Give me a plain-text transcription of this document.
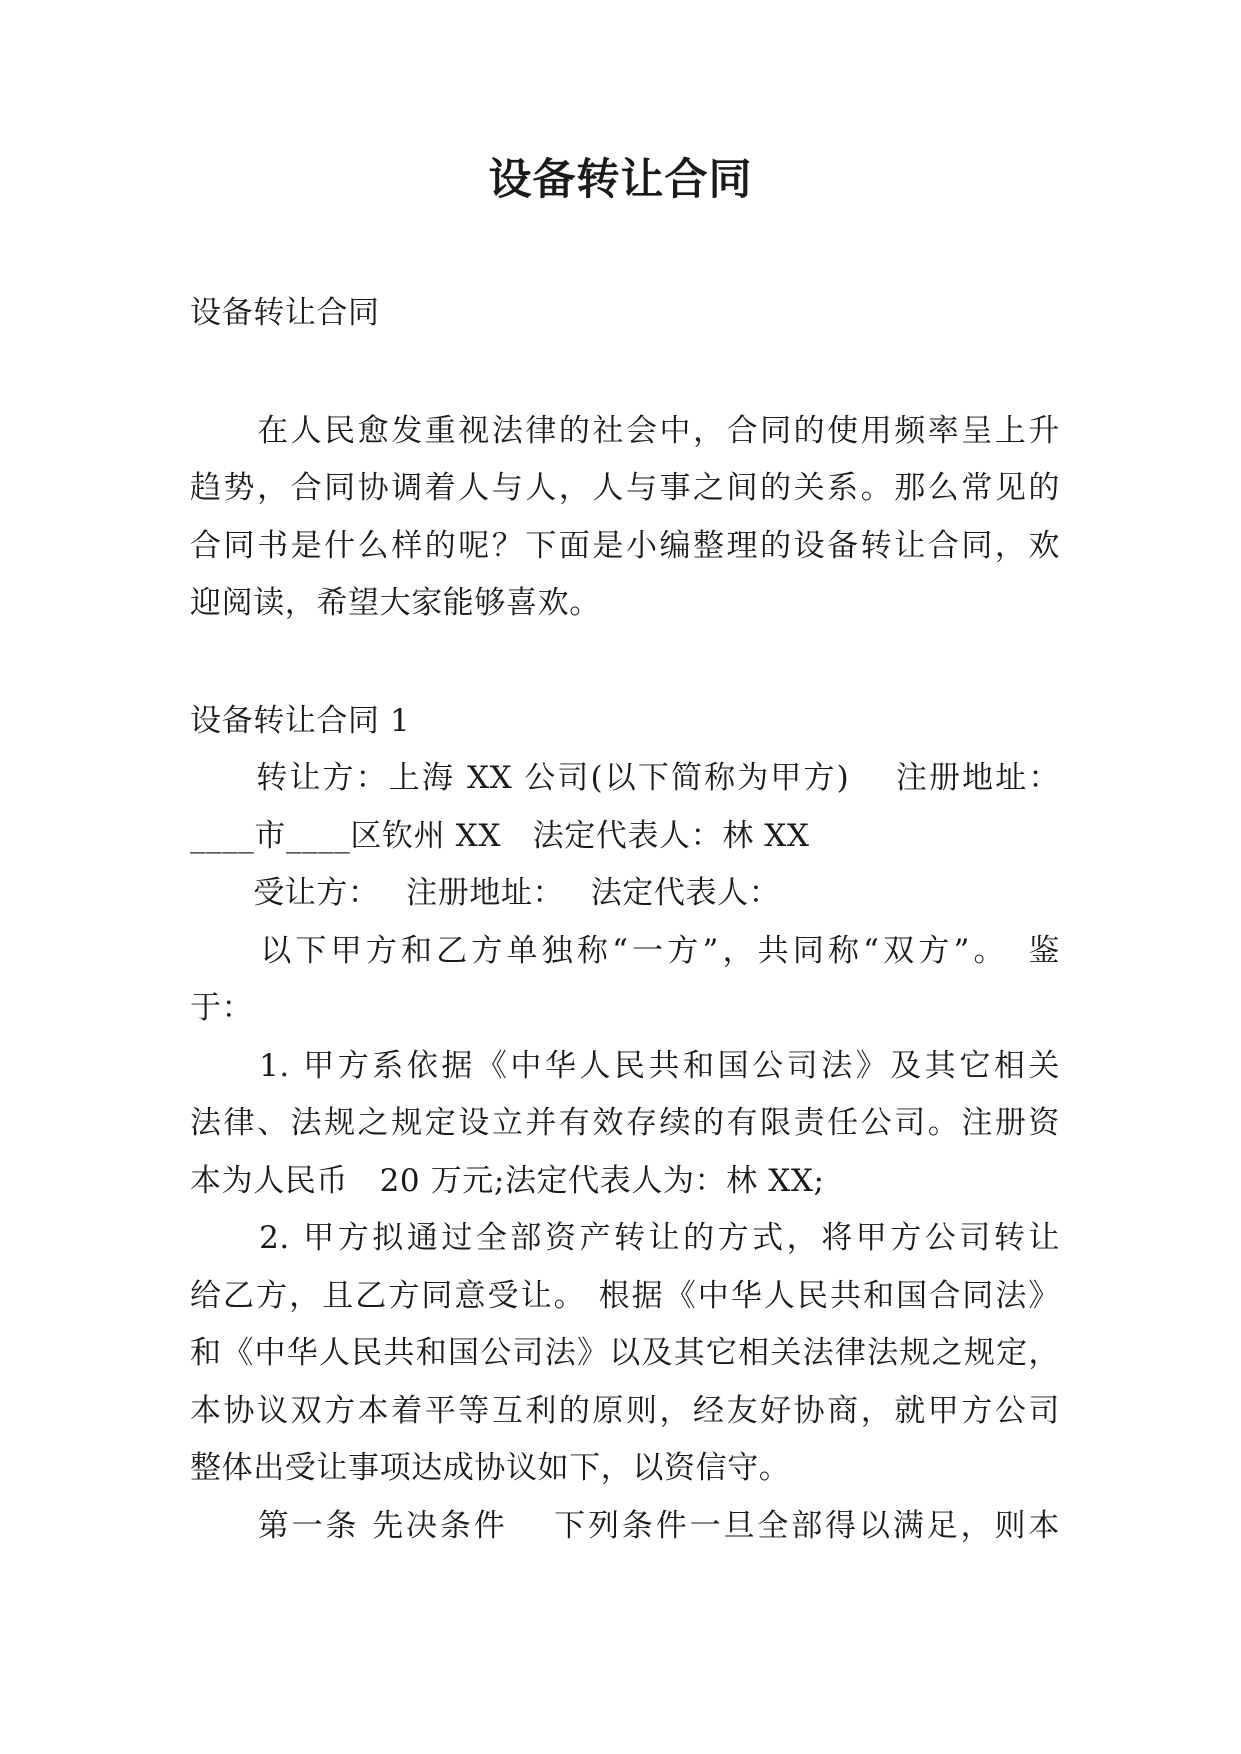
设备转让合同
设备转让合同
　　在人民愈发重视法律的社会中，合同的使用频率呈上升
趋势，合同协调着人与人，人与事之间的关系。那么常见的
合同书是什么样的呢？下面是小编整理的设备转让合同，欢
迎阅读，希望大家能够喜欢。
设备转让合同 1
　　转让方：上海 XX 公司(以下简称为甲方)　 注册地址：
____市____区钦州 XX　法定代表人：林 XX
　　受让方：　 注册地址：　 法定代表人：
　　以下甲方和乙方单独称“一方”，共同称“双方”。　鉴
于：
　　1. 甲方系依据《中华人民共和国公司法》及其它相关
法律、法规之规定设立并有效存续的有限责任公司。注册资
本为人民币　20 万元;法定代表人为：林 XX;
　　2. 甲方拟通过全部资产转让的方式，将甲方公司转让
给乙方，且乙方同意受让。 根据《中华人民共和国合同法》
和《中华人民共和国公司法》以及其它相关法律法规之规定，
本协议双方本着平等互利的原则，经友好协商，就甲方公司
整体出受让事项达成协议如下，以资信守。
　　第一条 先决条件　 下列条件一旦全部得以满足，则本
